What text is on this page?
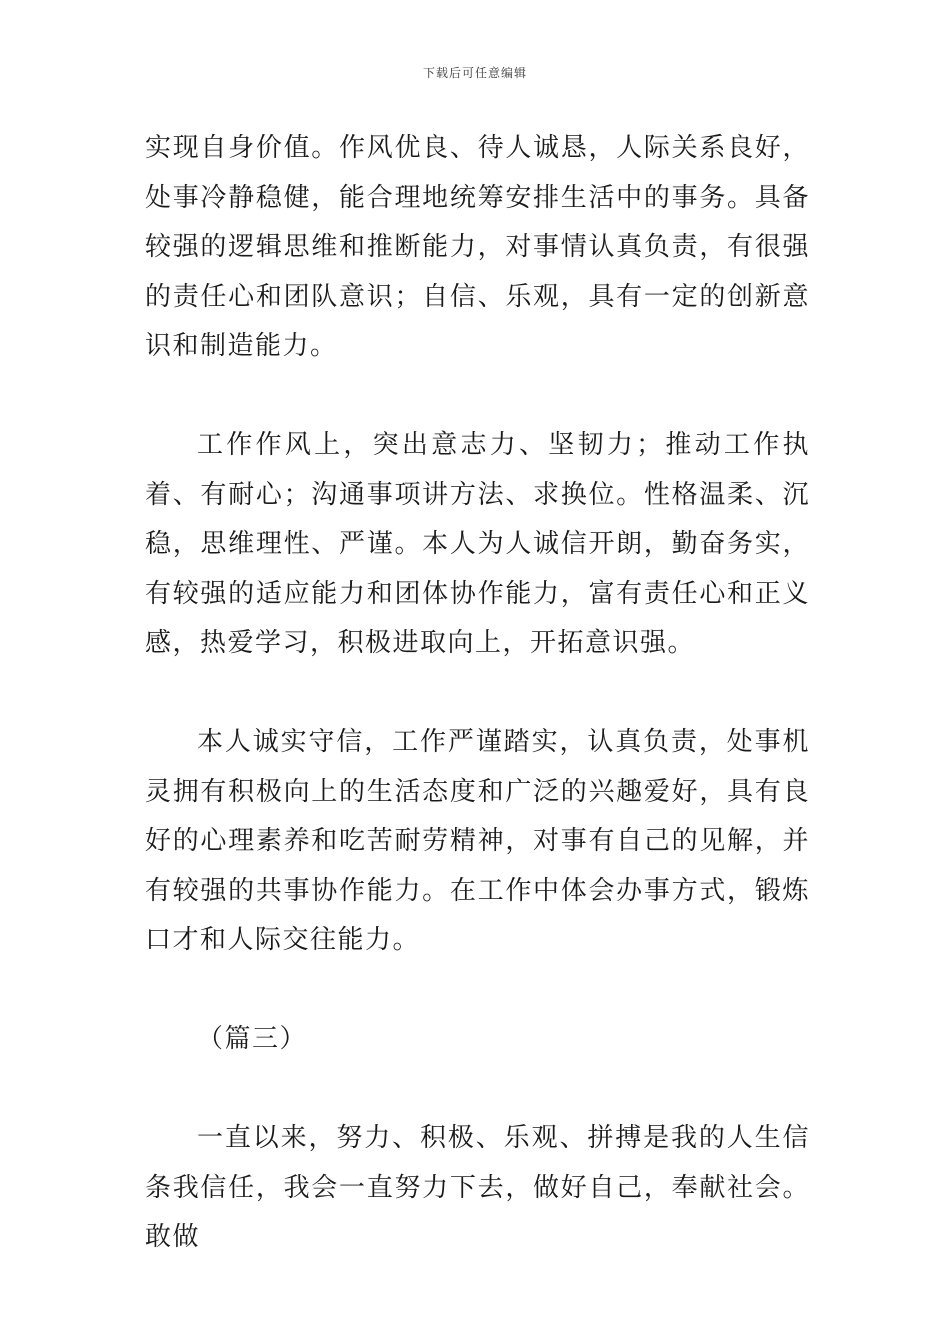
下载后可任意编辑

实现自身价值。作风优良、待人诚恳，人际关系良好，处事冷静稳健，能合理地统筹安排生活中的事务。具备较强的逻辑思维和推断能力，对事情认真负责，有很强的责任心和团队意识；自信、乐观，具有一定的创新意识和制造能力。

工作作风上，突出意志力、坚韧力；推动工作执着、有耐心；沟通事项讲方法、求换位。性格温柔、沉稳，思维理性、严谨。本人为人诚信开朗，勤奋务实，有较强的适应能力和团体协作能力，富有责任心和正义感，热爱学习，积极进取向上，开拓意识强。

本人诚实守信，工作严谨踏实，认真负责，处事机灵拥有积极向上的生活态度和广泛的兴趣爱好，具有良好的心理素养和吃苦耐劳精神，对事有自己的见解，并有较强的共事协作能力。在工作中体会办事方式，锻炼口才和人际交往能力。

（篇三）

一直以来，努力、积极、乐观、拼搏是我的人生信条我信任，我会一直努力下去，做好自己，奉献社会。敢做
